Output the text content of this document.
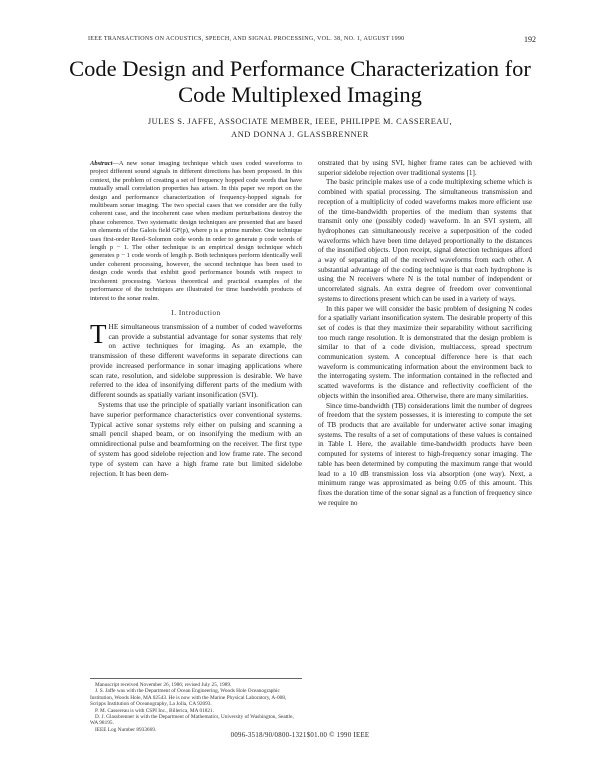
IEEE TRANSACTIONS ON ACOUSTICS, SPEECH, AND SIGNAL PROCESSING, VOL. 38, NO. 1, AUGUST 1990	192
Code Design and Performance Characterization for
Code Multiplexed Imaging
JULES S. JAFFE, ASSOCIATE MEMBER, IEEE, PHILIPPE M. CASSEREAU,
AND DONNA J. GLASSBRENNER
Abstract—A new sonar imaging technique which uses coded waveforms to project different sound signals in different directions has been proposed. In this context, the problem of creating a set of frequency hopped code words that have mutually small correlation properties has arisen. In this paper we report on the design and performance characterization of frequency-hopped signals for multibeam sonar imaging. The two special cases that we consider are the fully coherent case, and the incoherent case when medium perturbations destroy the phase coherence. Two systematic design techniques are presented that are based on elements of the Galois field GF(p), where p is a prime number. One technique uses first-order Reed–Solomon code words in order to generate p code words of length p − 1. The other technique is an empirical design technique which generates p − 1 code words of length p. Both techniques perform identically well under coherent processing, however, the second technique has been used to design code words that exhibit good performance bounds with respect to incoherent processing. Various theoretical and practical examples of the performance of the techniques are illustrated for time bandwidth products of interest to the sonar realm.
I. Introduction

THE simultaneous transmission of a number of coded waveforms can provide a substantial advantage for sonar systems that rely on active techniques for imaging. As an example, the transmission of these different waveforms in separate directions can provide increased performance in sonar imaging applications where scan rate, resolution, and sidelobe suppression is desirable. We have referred to the idea of insonifying different parts of the medium with different sounds as spatially variant insonification (SVI).

Systems that use the principle of spatially variant insonification can have superior performance characteristics over conventional systems. Typical active sonar systems rely either on pulsing and scanning a small pencil shaped beam, or on insonifying the medium with an omnidirectional pulse and beamforming on the receiver. The first type of system has good sidelobe rejection and low frame rate. The second type of system can have a high frame rate but limited sidelobe rejection. It has been dem-

Manuscript received November 26, 1986; revised July 25, 1989.
J. S. Jaffe was with the Department of Ocean Engineering, Woods Hole Oceanographic Institution, Woods Hole, MA 02543. He is now with the Marine Physical Laboratory, A-008, Scripps Institution of Oceanography, La Jolla, CA 92093.
P. M. Cassereau is with CSPI Inc., Billerica, MA 01821.
D. J. Glassbrenner is with the Department of Mathematics, University of Washington, Seattle, WA 98195.
IEEE Log Number 8933669.

onstrated that by using SVI, higher frame rates can be achieved with superior sidelobe rejection over traditional systems [1].

The basic principle makes use of a code multiplexing scheme which is combined with spatial processing. The simultaneous transmission and reception of a multiplicity of coded waveforms makes more efficient use of the time-bandwidth properties of the medium than systems that transmit only one (possibly coded) waveform. In an SVI system, all hydrophones can simultaneously receive a superposition of the coded waveforms which have been time delayed proportionally to the distances of the insonified objects. Upon receipt, signal detection techniques afford a way of separating all of the received waveforms from each other. A substantial advantage of the coding technique is that each hydrophone is using the N receivers where N is the total number of independent or uncorrelated signals. An extra degree of freedom over conventional systems to directions present which can be used in a variety of ways.

In this paper we will consider the basic problem of designing N codes for a spatially variant insonification system. The desirable property of this set of codes is that they maximize their separability without sacrificing too much range resolution. It is demonstrated that the design problem is similar to that of a code division, multiaccess, spread spectrum communication system. A conceptual difference here is that each waveform is communicating information about the environment back to the interrogating system. The information contained in the reflected and scatted waveforms is the distance and reflectivity coefficient of the objects within the insonified area. Otherwise, there are many similarities.

Since time-bandwidth (TB) considerations limit the number of degrees of freedom that the system possesses, it is interesting to compute the set of TB products that are available for underwater active sonar imaging systems. The results of a set of computations of these values is contained in Table I. Here, the available time-bandwidth products have been computed for systems of interest to high-frequency sonar imaging. The table has been determined by computing the maximum range that would lead to a 10 dB transmission loss via absorption (one way). Next, a minimum range was approximated as being 0.05 of this amount. This fixes the duration time of the sonar signal as a function of frequency since we require no

0096-3518/90/0800-1321$01.00 © 1990 IEEE
